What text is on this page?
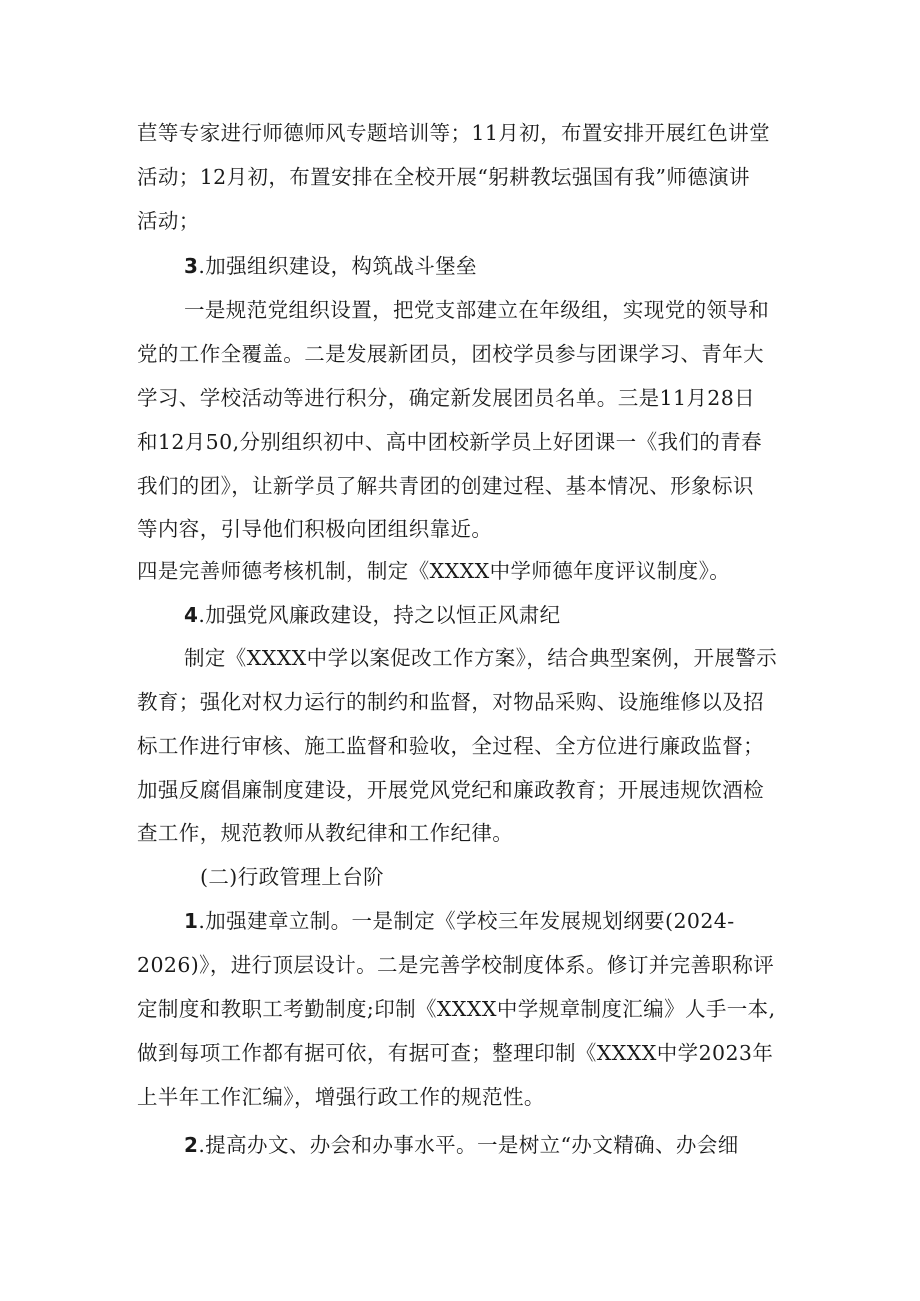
苣等专家进行师德师风专题培训等；11月初，布置安排开展红色讲堂
活动；12月初，布置安排在全校开展“躬耕教坛强国有我”师德演讲
活动；
3.加强组织建设，构筑战斗堡垒
一是规范党组织设置，把党支部建立在年级组，实现党的领导和
党的工作全覆盖。二是发展新团员，团校学员参与团课学习、青年大
学习、学校活动等进行积分，确定新发展团员名单。三是11月28日
和12月50,分别组织初中、高中团校新学员上好团课一《我们的青春
我们的团》，让新学员了解共青团的创建过程、基本情况、形象标识
等内容，引导他们积极向团组织靠近。
四是完善师德考核机制，制定《XXXX中学师德年度评议制度》。
4.加强党风廉政建设，持之以恒正风肃纪
制定《XXXX中学以案促改工作方案》，结合典型案例，开展警示
教育；强化对权力运行的制约和监督，对物品采购、设施维修以及招
标工作进行审核、施工监督和验收，全过程、全方位进行廉政监督；
加强反腐倡廉制度建设，开展党风党纪和廉政教育；开展违规饮酒检
查工作，规范教师从教纪律和工作纪律。
(二)行政管理上台阶
1.加强建章立制。一是制定《学校三年发展规划纲要(2024-
2026)》，进行顶层设计。二是完善学校制度体系。修订并完善职称评
定制度和教职工考勤制度;印制《XXXX中学规章制度汇编》人手一本,
做到每项工作都有据可依，有据可查；整理印制《XXXX中学2023年
上半年工作汇编》，增强行政工作的规范性。
2.提高办文、办会和办事水平。一是树立“办文精确、办会细
